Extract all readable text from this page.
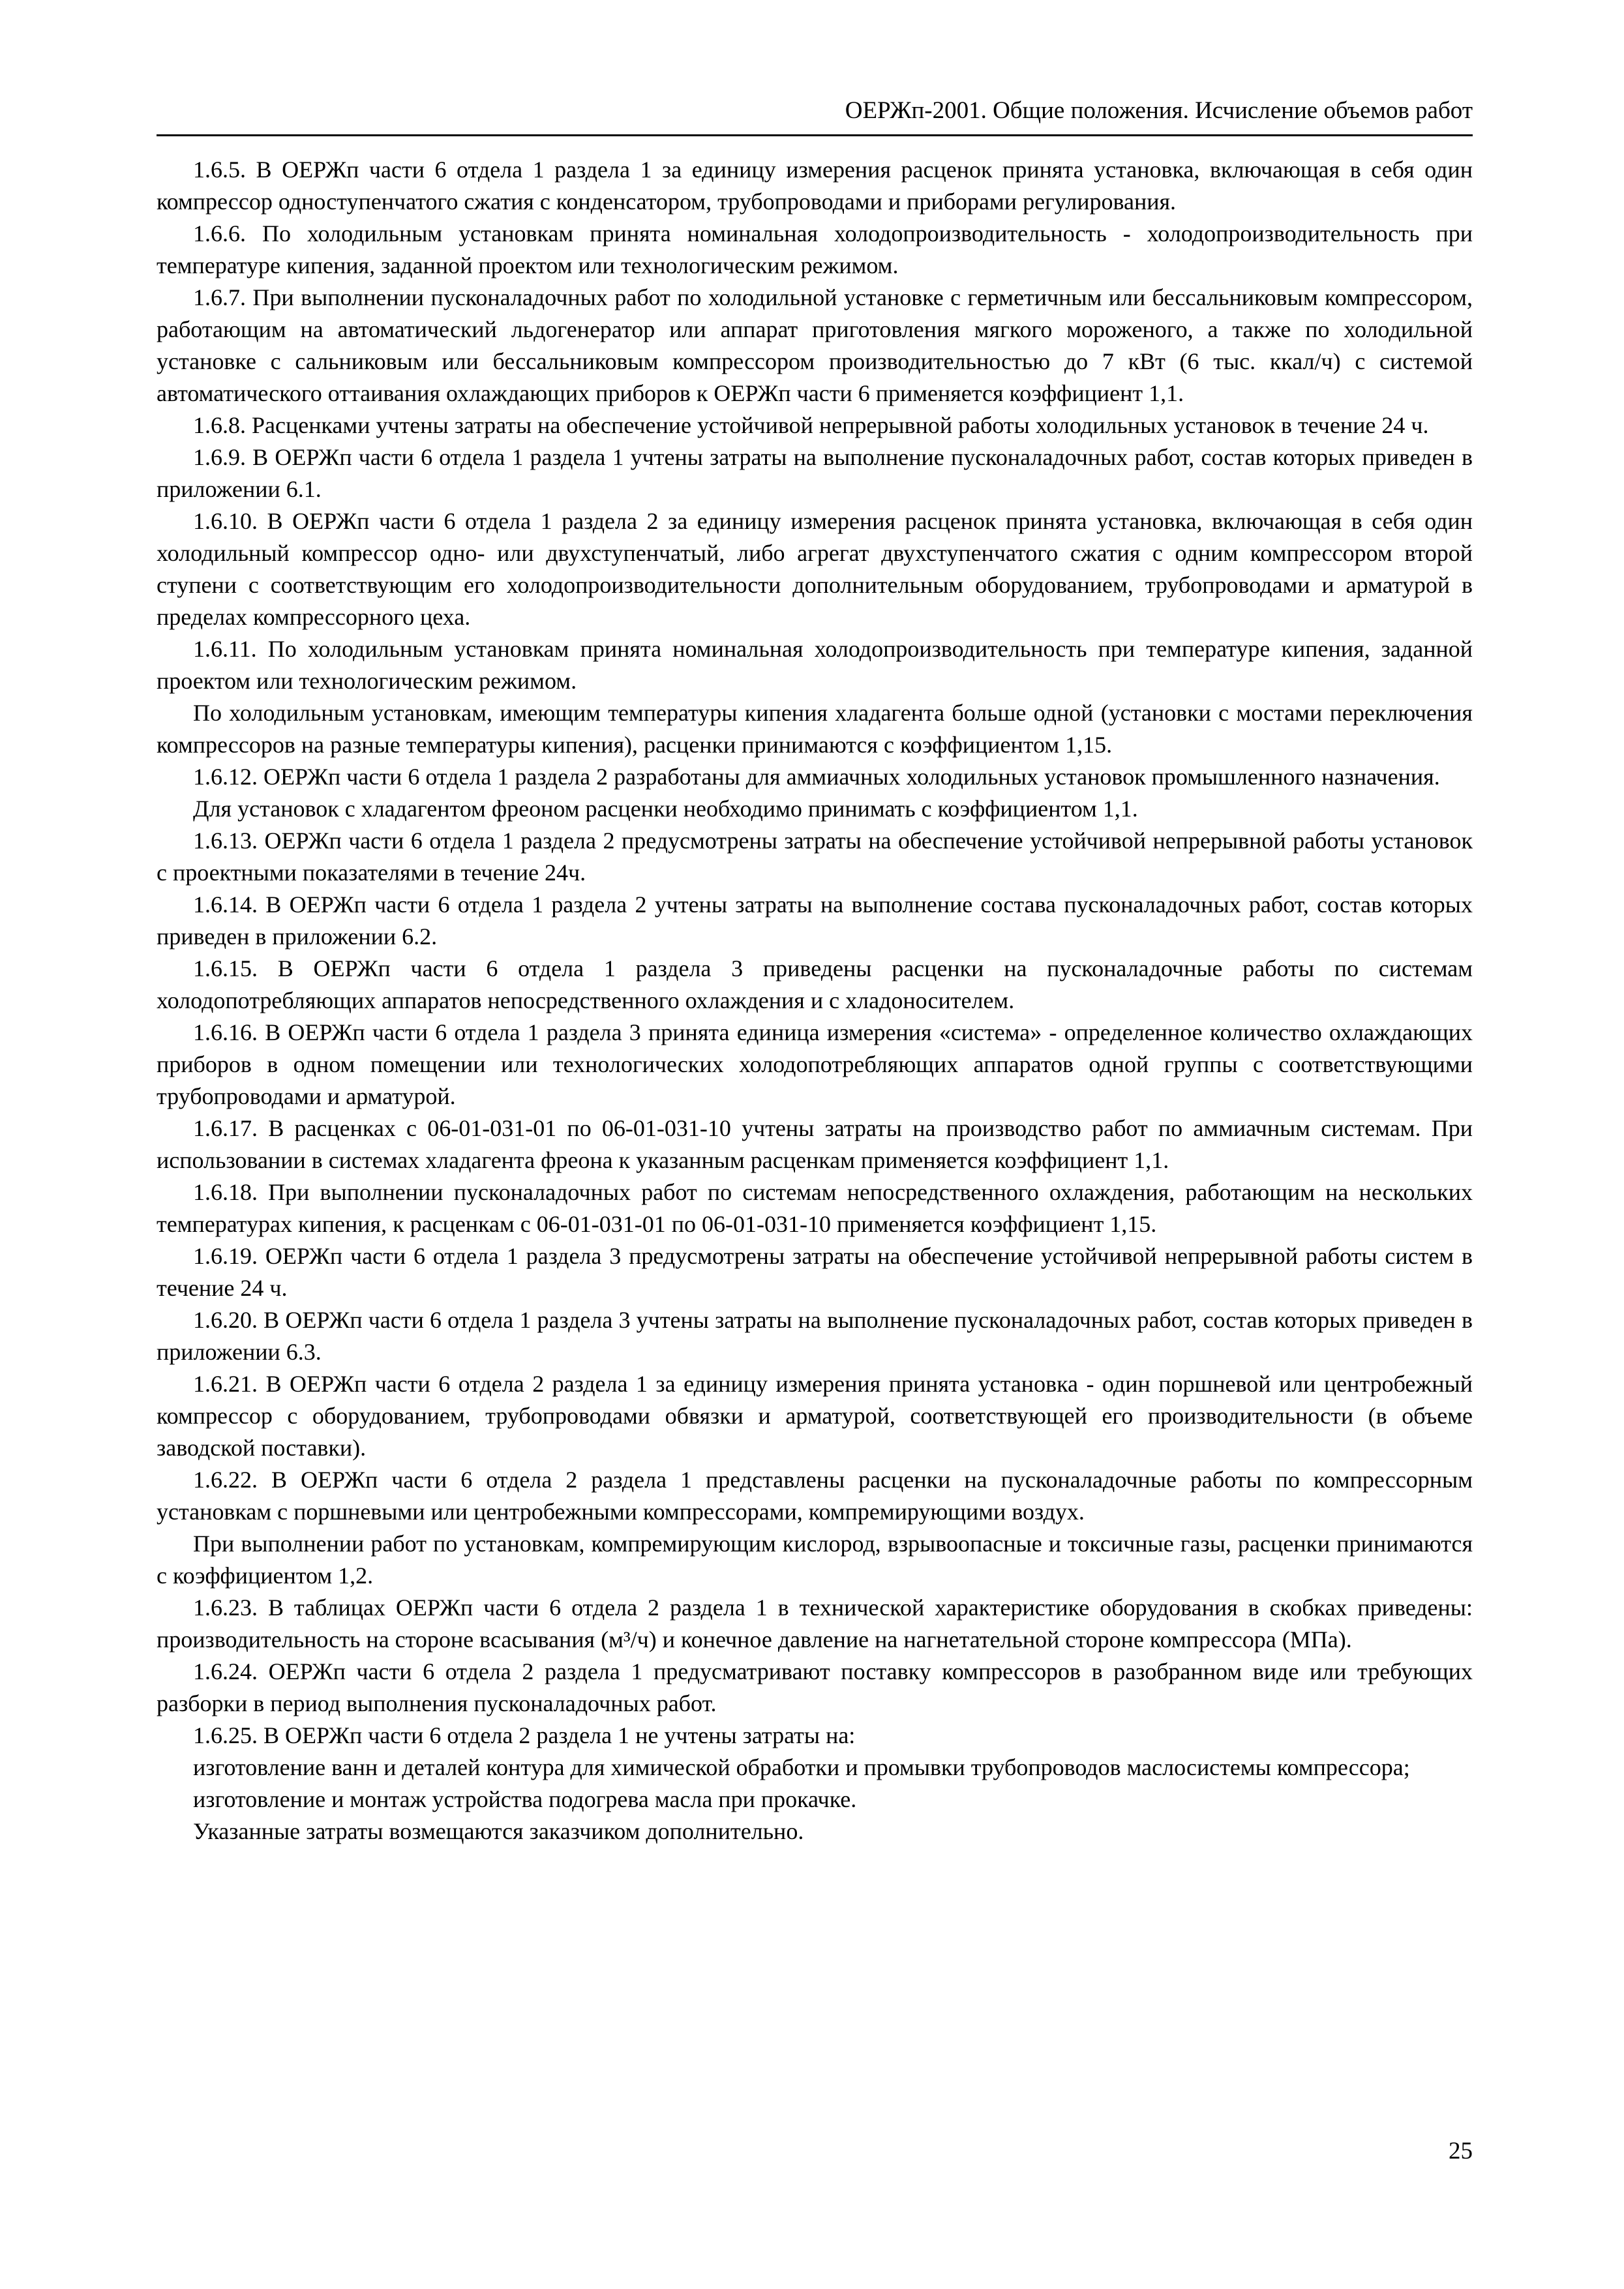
ОЕРЖп-2001. Общие положения. Исчисление объемов работ

1.6.5. В ОЕРЖп части 6 отдела 1 раздела 1 за единицу измерения расценок принята установка, включающая в себя один компрессор одноступенчатого сжатия с конденсатором, трубопроводами и приборами регулирования.

1.6.6. По холодильным установкам принята номинальная холодопроизводительность - холодопроизводительность при температуре кипения, заданной проектом или технологическим режимом.

1.6.7. При выполнении пусконаладочных работ по холодильной установке с герметичным или бессальниковым компрессором, работающим на автоматический льдогенератор или аппарат приготовления мягкого мороженого, а также по холодильной установке с сальниковым или бессальниковым компрессором производительностью до 7 кВт (6 тыс. ккал/ч) с системой автоматического оттаивания охлаждающих приборов к ОЕРЖп части 6 применяется коэффициент 1,1.

1.6.8. Расценками учтены затраты на обеспечение устойчивой непрерывной работы холодильных установок в течение 24 ч.

1.6.9. В ОЕРЖп части 6 отдела 1 раздела 1 учтены затраты на выполнение пусконаладочных работ, состав которых приведен в приложении 6.1.

1.6.10. В ОЕРЖп части 6 отдела 1 раздела 2 за единицу измерения расценок принята установка, включающая в себя один холодильный компрессор одно- или двухступенчатый, либо агрегат двухступенчатого сжатия с одним компрессором второй ступени с соответствующим его холодопроизводительности дополнительным оборудованием, трубопроводами и арматурой в пределах компрессорного цеха.

1.6.11. По холодильным установкам принята номинальная холодопроизводительность при температуре кипения, заданной проектом или технологическим режимом.

По холодильным установкам, имеющим температуры кипения хладагента больше одной (установки с мостами переключения компрессоров на разные температуры кипения), расценки принимаются с коэффициентом 1,15.

1.6.12. ОЕРЖп части 6 отдела 1 раздела 2 разработаны для аммиачных холодильных установок промышленного назначения.

Для установок с хладагентом фреоном расценки необходимо принимать с коэффициентом 1,1.

1.6.13. ОЕРЖп части 6 отдела 1 раздела 2 предусмотрены затраты на обеспечение устойчивой непрерывной работы установок с проектными показателями в течение 24ч.

1.6.14. В ОЕРЖп части 6 отдела 1 раздела 2 учтены затраты на выполнение состава пусконаладочных работ, состав которых приведен в приложении 6.2.

1.6.15. В ОЕРЖп части 6 отдела 1 раздела 3 приведены расценки на пусконаладочные работы по системам холодопотребляющих аппаратов непосредственного охлаждения и с хладоносителем.

1.6.16. В ОЕРЖп части 6 отдела 1 раздела 3 принята единица измерения «система» - определенное количество охлаждающих приборов в одном помещении или технологических холодопотребляющих аппаратов одной группы с соответствующими трубопроводами и арматурой.

1.6.17. В расценках с 06-01-031-01 по 06-01-031-10 учтены затраты на производство работ по аммиачным системам. При использовании в системах хладагента фреона к указанным расценкам применяется коэффициент 1,1.

1.6.18. При выполнении пусконаладочных работ по системам непосредственного охлаждения, работающим на нескольких температурах кипения, к расценкам с 06-01-031-01 по 06-01-031-10 применяется коэффициент 1,15.

1.6.19. ОЕРЖп части 6 отдела 1 раздела 3 предусмотрены затраты на обеспечение устойчивой непрерывной работы систем в течение 24 ч.

1.6.20. В ОЕРЖп части 6 отдела 1 раздела 3 учтены затраты на выполнение пусконаладочных работ, состав которых приведен в приложении 6.3.

1.6.21. В ОЕРЖп части 6 отдела 2 раздела 1 за единицу измерения принята установка - один поршневой или центробежный компрессор с оборудованием, трубопроводами обвязки и арматурой, соответствующей его производительности (в объеме заводской поставки).

1.6.22. В ОЕРЖп части 6 отдела 2 раздела 1 представлены расценки на пусконаладочные работы по компрессорным установкам с поршневыми или центробежными компрессорами, компремирующими воздух.

При выполнении работ по установкам, компремирующим кислород, взрывоопасные и токсичные газы, расценки принимаются с коэффициентом 1,2.

1.6.23. В таблицах ОЕРЖп части 6 отдела 2 раздела 1 в технической характеристике оборудования в скобках приведены: производительность на стороне всасывания (м³/ч) и конечное давление на нагнетательной стороне компрессора (МПа).

1.6.24. ОЕРЖп части 6 отдела 2 раздела 1 предусматривают поставку компрессоров в разобранном виде или требующих разборки в период выполнения пусконаладочных работ.

1.6.25. В ОЕРЖп части 6 отдела 2 раздела 1 не учтены затраты на:

изготовление ванн и деталей контура для химической обработки и промывки трубопроводов маслосистемы компрессора;

изготовление и монтаж устройства подогрева масла при прокачке.

Указанные затраты возмещаются заказчиком дополнительно.

25
